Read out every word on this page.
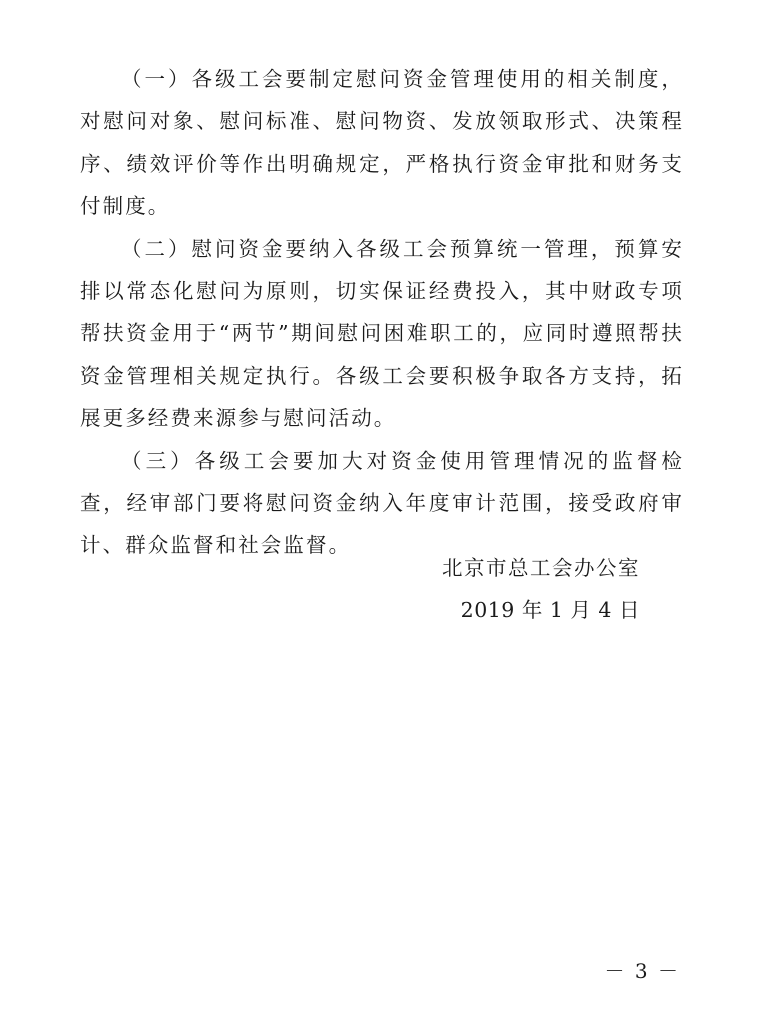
（一）各级工会要制定慰问资金管理使用的相关制度，对慰问对象、慰问标准、慰问物资、发放领取形式、决策程序、绩效评价等作出明确规定，严格执行资金审批和财务支付制度。

（二）慰问资金要纳入各级工会预算统一管理，预算安排以常态化慰问为原则，切实保证经费投入，其中财政专项帮扶资金用于“两节”期间慰问困难职工的，应同时遵照帮扶资金管理相关规定执行。各级工会要积极争取各方支持，拓展更多经费来源参与慰问活动。

（三）各级工会要加大对资金使用管理情况的监督检查，经审部门要将慰问资金纳入年度审计范围，接受政府审计、群众监督和社会监督。

北京市总工会办公室
2019 年 1 月 4 日
－ 3 －
